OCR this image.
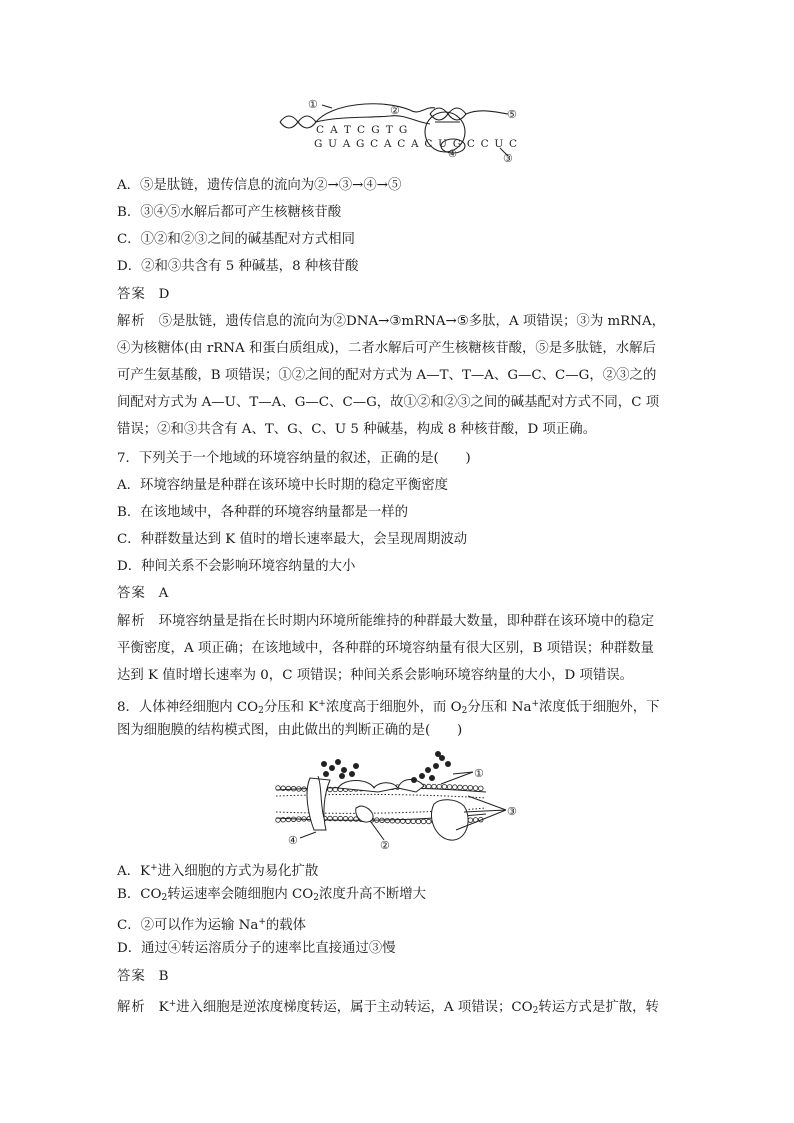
①	②	⑤
③
④
C A T C G T G
G U A G C A C A C U G C C U C
A．⑤是肽链，遗传信息的流向为②→③→④→⑤
B．③④⑤水解后都可产生核糖核苷酸
C．①②和②③之间的碱基配对方式相同
D．②和③共含有 5 种碱基，8 种核苷酸
答案 D
解析 ⑤是肽链，遗传信息的流向为②DNA→③mRNA→⑤多肽，A 项错误；③为 mRNA，
④为核糖体(由 rRNA 和蛋白质组成)，二者水解后可产生核糖核苷酸，⑤是多肽链，水解后
可产生氨基酸，B 项错误；①②之间的配对方式为 A—T、T—A、G—C、C—G，②③之的
间配对方式为 A—U、T—A、G—C、C—G，故①②和②③之间的碱基配对方式不同，C 项
错误；②和③共含有 A、T、G、C、U 5 种碱基，构成 8 种核苷酸，D 项正确。
7．下列关于一个地域的环境容纳量的叙述，正确的是(　　)
A．环境容纳量是种群在该环境中长时期的稳定平衡密度
B．在该地域中，各种群的环境容纳量都是一样的
C．种群数量达到 K 值时的增长速率最大，会呈现周期波动
D．种间关系不会影响环境容纳量的大小
答案 A
解析 环境容纳量是指在长时期内环境所能维持的种群最大数量，即种群在该环境中的稳定
平衡密度，A 项正确；在该地域中，各种群的环境容纳量有很大区别，B 项错误；种群数量
达到 K 值时增长速率为 0，C 项错误；种间关系会影响环境容纳量的大小，D 项错误。
8．人体神经细胞内 $CO_2$分压和 K+浓度高于细胞外，而 $O_2$分压和 Na+浓度低于细胞外，下
图为细胞膜的结构模式图，由此做出的判断正确的是(　　)
①
③
②
④
A．K+进入细胞的方式为易化扩散
B．$CO_2$转运速率会随细胞内 $CO_2$浓度升高不断增大
C．②可以作为运输 Na+的载体
D．通过④转运溶质分子的速率比直接通过③慢
答案 B
解析 K+进入细胞是逆浓度梯度转运，属于主动转运，A 项错误；$CO_2$转运方式是扩散，转
